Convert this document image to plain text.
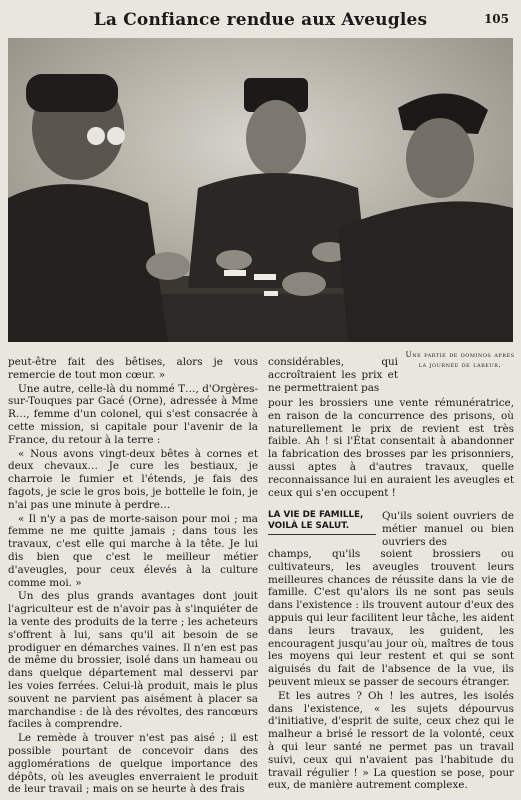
La Confiance rendue aux Aveugles	105
Une partie de dominos après la journée de labeur.

peut-être fait des bêtises, alors je vous remercie de tout mon cœur. »

Une autre, celle-là du nommé T…, d'Orgères-sur-Touques par Gacé (Orne), adressée à Mme R…, femme d'un colonel, qui s'est consacrée à cette mission, si capitale pour l'avenir de la France, du retour à la terre :

« Nous avons vingt-deux bêtes à cornes et deux chevaux… Je cure les bestiaux, je charroie le fumier et l'étends, je fais des fagots, je scie le gros bois, je bottelle le foin, je n'ai pas une minute à perdre…

« Il n'y a pas de morte-saison pour moi ; ma femme ne me quitte jamais ; dans tous les travaux, c'est elle qui marche à la tête. Je lui dis bien que c'est le meilleur métier d'aveugles, pour ceux élevés à la culture comme moi. »

Un des plus grands avantages dont jouit l'agriculteur est de n'avoir pas à s'inquiéter de la vente des produits de la terre ; les acheteurs s'offrent à lui, sans qu'il ait besoin de se prodiguer en démarches vaines. Il n'en est pas de même du brossier, isolé dans un hameau ou dans quelque département mal desservi par les voies ferrées. Celui-là produit, mais le plus souvent ne parvient pas aisément à placer sa marchandise : de là des révoltes, des rancœurs faciles à comprendre.

Le remède à trouver n'est pas aisé ; il est possible pourtant de concevoir dans des agglomérations de quelque importance des dépôts, où les aveugles enverraient le produit de leur travail ; mais on se heurte à des frais

considérables, qui accroîtraient les prix et ne permettraient pas

pour les brossiers une vente rémunératrice, en raison de la concurrence des prisons, où naturellement le prix de revient est très faible. Ah ! si l'État consentait à abandonner la fabrication des brosses par les prisonniers, aussi aptes à d'autres travaux, quelle reconnaissance lui en auraient les aveugles et ceux qui s'en occupent !

LA VIE DE FAMILLE, VOILÀ LE SALUT.

Qu'ils soient ouvriers de métier manuel ou bien ouvriers des

champs, qu'ils soient brossiers ou cultivateurs, les aveugles trouvent leurs meilleures chances de réussite dans la vie de famille. C'est qu'alors ils ne sont pas seuls dans l'existence : ils trouvent autour d'eux des appuis qui leur facilitent leur tâche, les aident dans leurs travaux, les guident, les encouragent jusqu'au jour où, maîtres de tous les moyens qui leur restent et qui se sont aiguisés du fait de l'absence de la vue, ils peuvent mieux se passer de secours étranger.

Et les autres ? Oh ! les autres, les isolés dans l'existence, « les sujets dépourvus d'initiative, d'esprit de suite, ceux chez qui le malheur a brisé le ressort de la volonté, ceux à qui leur santé ne permet pas un travail suivi, ceux qui n'avaient pas l'habitude du travail régulier ! » La question se pose, pour eux, de manière autrement complexe.
